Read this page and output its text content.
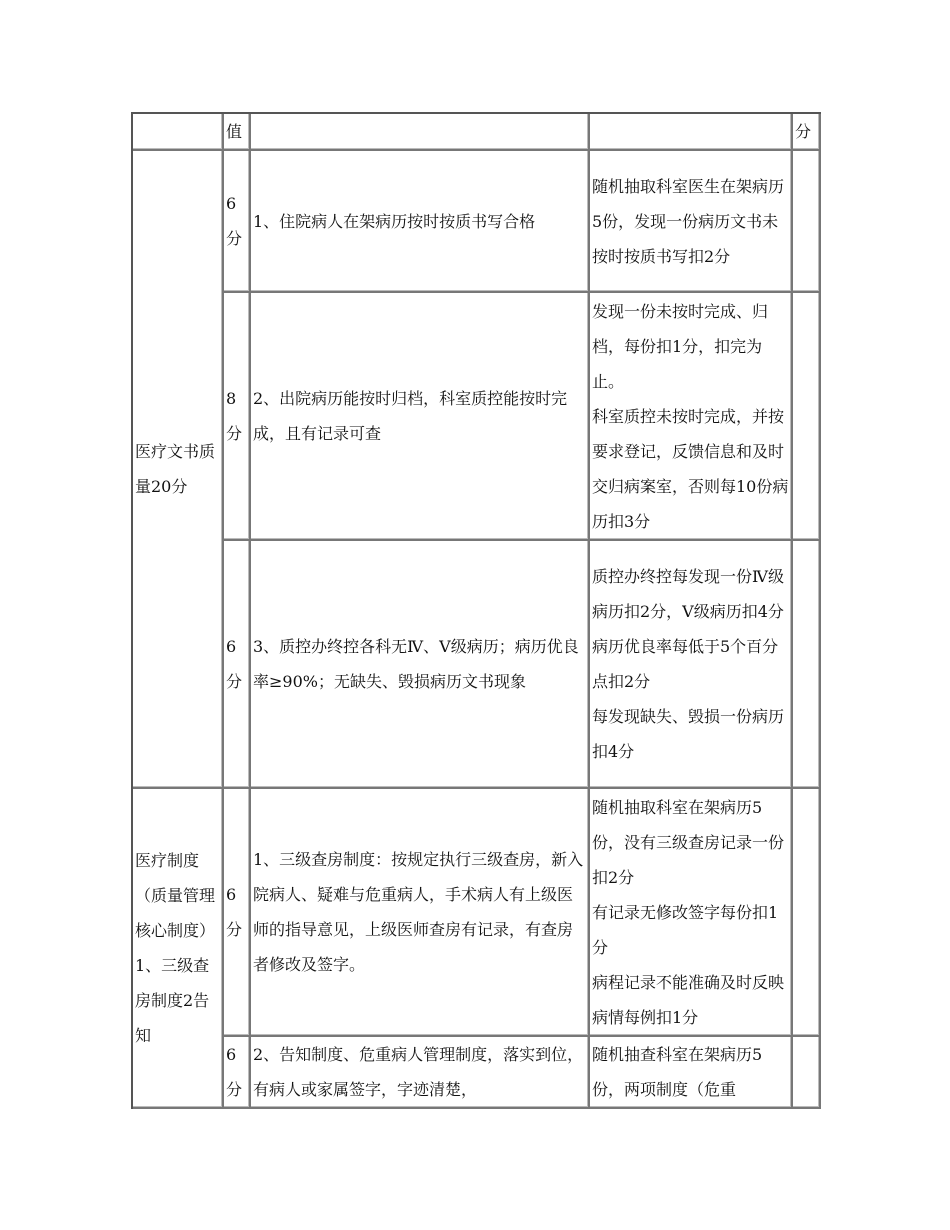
	值			分
医疗文书质量20分	6分	1、住院病人在架病历按时按质书写合格	随机抽取科室医生在架病历5份，发现一份病历文书未按时按质书写扣2分	

	8分	2、出院病历能按时归档，科室质控能按时完成，且有记录可查	发现一份未按时完成、归档，每份扣1分，扣完为止。
科室质控未按时完成，并按要求登记，反馈信息和及时交归病案室，否则每10份病历扣3分	

	6分	3、质控办终控各科无Ⅳ、Ⅴ级病历；病历优良率≥90%；无缺失、毁损病历文书现象	质控办终控每发现一份Ⅳ级病历扣2分，Ⅴ级病历扣4分
病历优良率每低于5个百分点扣2分
每发现缺失、毁损一份病历扣4分	

医疗制度（质量管理核心制度）1、三级查房制度2告知	6分	1、三级查房制度：按规定执行三级查房，新入院病人、疑难与危重病人，手术病人有上级医师的指导意见，上级医师查房有记录，有查房者修改及签字。	随机抽取科室在架病历5份，没有三级查房记录一份扣2分
有记录无修改签字每份扣1分
病程记录不能准确及时反映病情每例扣1分	

	6分	2、告知制度、危重病人管理制度，落实到位，有病人或家属签字，字迹清楚，	随机抽查科室在架病历5份，两项制度（危重	
